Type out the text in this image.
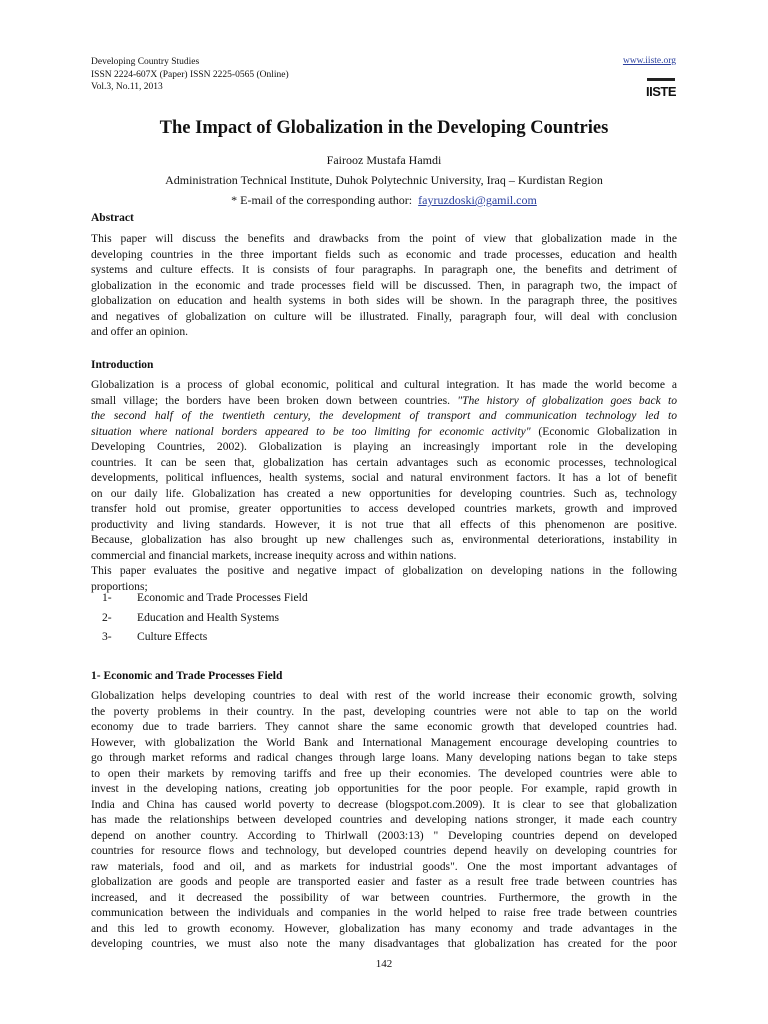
Developing Country Studies
ISSN 2224-607X (Paper) ISSN 2225-0565 (Online)
Vol.3, No.11, 2013
www.iiste.org
IISTE
The Impact of Globalization in the Developing Countries
Fairooz Mustafa Hamdi
Administration Technical Institute, Duhok Polytechnic University, Iraq – Kurdistan Region
* E-mail of the corresponding author: fayruzdoski@gamil.com
Abstract
This paper will discuss the benefits and drawbacks from the point of view that globalization made in the
developing countries in the three important fields such as economic and trade processes, education and health
systems and culture effects. It is consists of four paragraphs. In paragraph one, the benefits and detriment of
globalization in the economic and trade processes field will be discussed. Then, in paragraph two, the impact of
globalization on education and health systems in both sides will be shown. In the paragraph three, the positives
and negatives of globalization on culture will be illustrated. Finally, paragraph four, will deal with conclusion
and offer an opinion.
Introduction
Globalization is a process of global economic, political and cultural integration. It has made the world become a
small village; the borders have been broken down between countries. "The history of globalization goes back to
the second half of the twentieth century, the development of transport and communication technology led to
situation where national borders appeared to be too limiting for economic activity" (Economic Globalization in
Developing Countries, 2002). Globalization is playing an increasingly important role in the developing
countries. It can be seen that, globalization has certain advantages such as economic processes, technological
developments, political influences, health systems, social and natural environment factors. It has a lot of benefit
on our daily life. Globalization has created a new opportunities for developing countries. Such as, technology
transfer hold out promise, greater opportunities to access developed countries markets, growth and improved
productivity and living standards. However, it is not true that all effects of this phenomenon are positive.
Because, globalization has also brought up new challenges such as, environmental deteriorations, instability in
commercial and financial markets, increase inequity across and within nations.
This paper evaluates the positive and negative impact of globalization on developing nations in the following
proportions;
1- Economic and Trade Processes Field
2- Education and Health Systems
3- Culture Effects
1- Economic and Trade Processes Field
Globalization helps developing countries to deal with rest of the world increase their economic growth, solving
the poverty problems in their country. In the past, developing countries were not able to tap on the world
economy due to trade barriers. They cannot share the same economic growth that developed countries had.
However, with globalization the World Bank and International Management encourage developing countries to
go through market reforms and radical changes through large loans. Many developing nations began to take steps
to open their markets by removing tariffs and free up their economies. The developed countries were able to
invest in the developing nations, creating job opportunities for the poor people. For example, rapid growth in
India and China has caused world poverty to decrease (blogspot.com.2009). It is clear to see that globalization
has made the relationships between developed countries and developing nations stronger, it made each country
depend on another country. According to Thirlwall (2003:13) " Developing countries depend on developed
countries for resource flows and technology, but developed countries depend heavily on developing countries for
raw materials, food and oil, and as markets for industrial goods". One the most important advantages of
globalization are goods and people are transported easier and faster as a result free trade between countries has
increased, and it decreased the possibility of war between countries. Furthermore, the growth in the
communication between the individuals and companies in the world helped to raise free trade between countries
and this led to growth economy. However, globalization has many economy and trade advantages in the
developing countries, we must also note the many disadvantages that globalization has created for the poor
142
